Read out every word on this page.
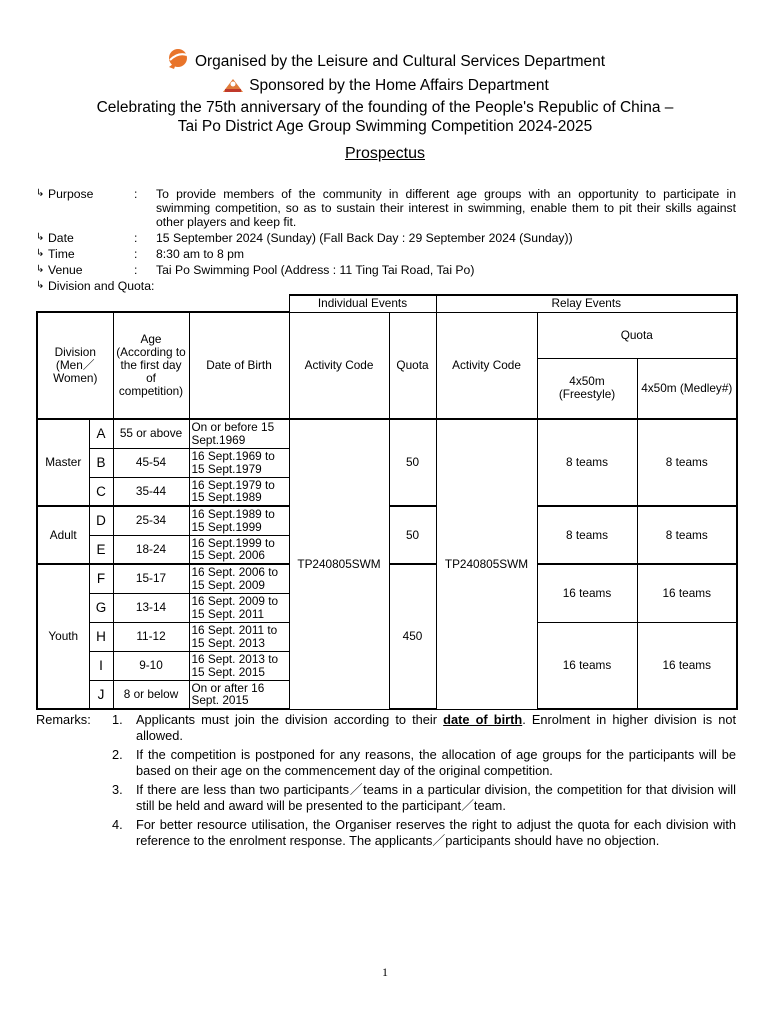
Organised by the Leisure and Cultural Services Department
Sponsored by the Home Affairs Department
Celebrating the 75th anniversary of the founding of the People's Republic of China –
Tai Po District Age Group Swimming Competition 2024-2025
Prospectus
↳ Purpose	: To provide members of the community in different age groups with an opportunity to participate in swimming competition, so as to sustain their interest in swimming, enable them to pit their skills against other players and keep fit.
↳ Date	: 15 September 2024 (Sunday) (Fall Back Day : 29 September 2024 (Sunday))
↳ Time	: 8:30 am to 8 pm
↳ Venue	: Tai Po Swimming Pool (Address : 11 Ting Tai Road, Tai Po)
↳ Division and Quota:
				Individual Events		Relay Events		
Division (Men／Women)		Age (According to the first day of competition)	Date of Birth	Activity Code	Quota	Activity Code	Quota	
							4x50m (Freestyle)	4x50m (Medley#)
Master	A	55 or above	On or before 15 Sept.1969	TP240805SWM	50	TP240805SWM	8 teams	8 teams
	B	45-54	16 Sept.1969 to 15 Sept.1979					
	C	35-44	16 Sept.1979 to 15 Sept.1989					
Adult	D	25-34	16 Sept.1989 to 15 Sept.1999		50		8 teams	8 teams
	E	18-24	16 Sept.1999 to 15 Sept. 2006					
Youth	F	15-17	16 Sept. 2006 to 15 Sept. 2009		450		16 teams	16 teams
	G	13-14	16 Sept. 2009 to 15 Sept. 2011					
	H	11-12	16 Sept. 2011 to 15 Sept. 2013				16 teams	16 teams
	I	9-10	16 Sept. 2013 to 15 Sept. 2015					
	J	8 or below	On or after 16 Sept. 2015					
Remarks: 1. Applicants must join the division according to their date of birth. Enrolment in higher division is not allowed.
2. If the competition is postponed for any reasons, the allocation of age groups for the participants will be based on their age on the commencement day of the original competition.
3. If there are less than two participants／teams in a particular division, the competition for that division will still be held and award will be presented to the participant／team.
4. For better resource utilisation, the Organiser reserves the right to adjust the quota for each division with reference to the enrolment response. The applicants／participants should have no objection.
1
